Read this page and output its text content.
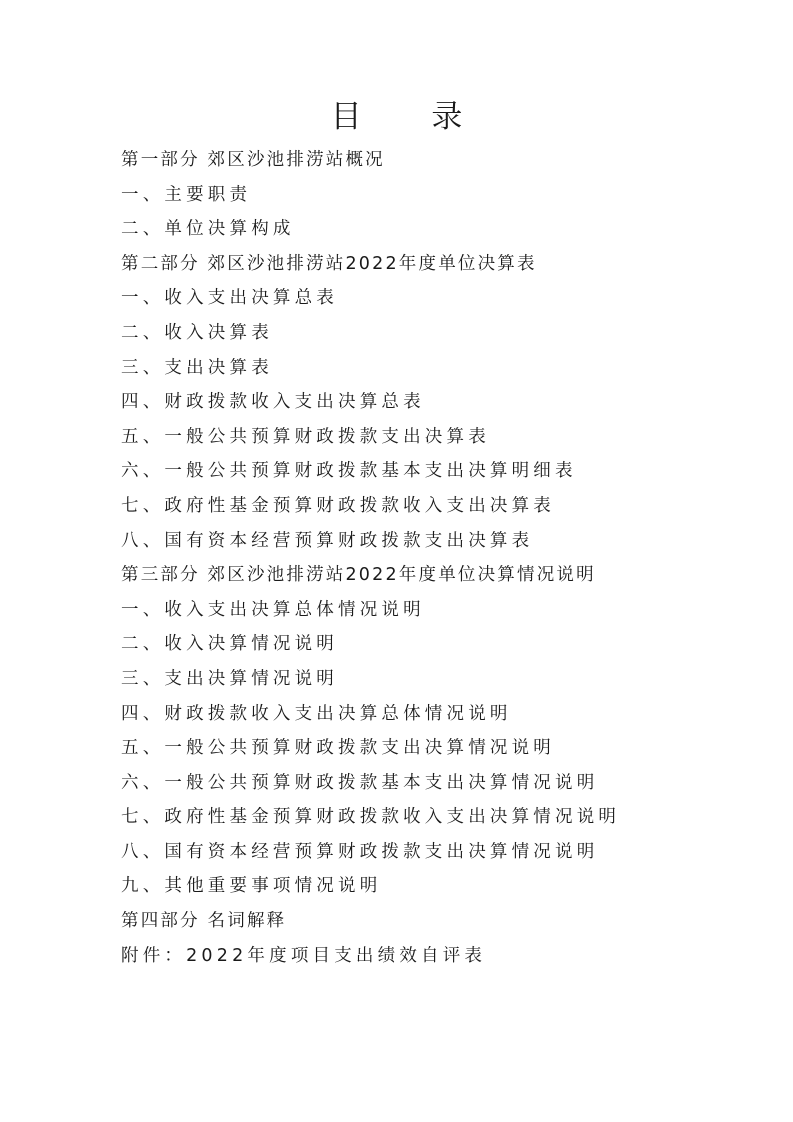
目 录
第一部分 郊区沙池排涝站概况
一、主要职责
二、单位决算构成
第二部分 郊区沙池排涝站2022年度单位决算表
一、收入支出决算总表
二、收入决算表
三、支出决算表
四、财政拨款收入支出决算总表
五、一般公共预算财政拨款支出决算表
六、一般公共预算财政拨款基本支出决算明细表
七、政府性基金预算财政拨款收入支出决算表
八、国有资本经营预算财政拨款支出决算表
第三部分 郊区沙池排涝站2022年度单位决算情况说明
一、收入支出决算总体情况说明
二、收入决算情况说明
三、支出决算情况说明
四、财政拨款收入支出决算总体情况说明
五、一般公共预算财政拨款支出决算情况说明
六、一般公共预算财政拨款基本支出决算情况说明
七、政府性基金预算财政拨款收入支出决算情况说明
八、国有资本经营预算财政拨款支出决算情况说明
九、其他重要事项情况说明
第四部分 名词解释
附件：2022年度项目支出绩效自评表
